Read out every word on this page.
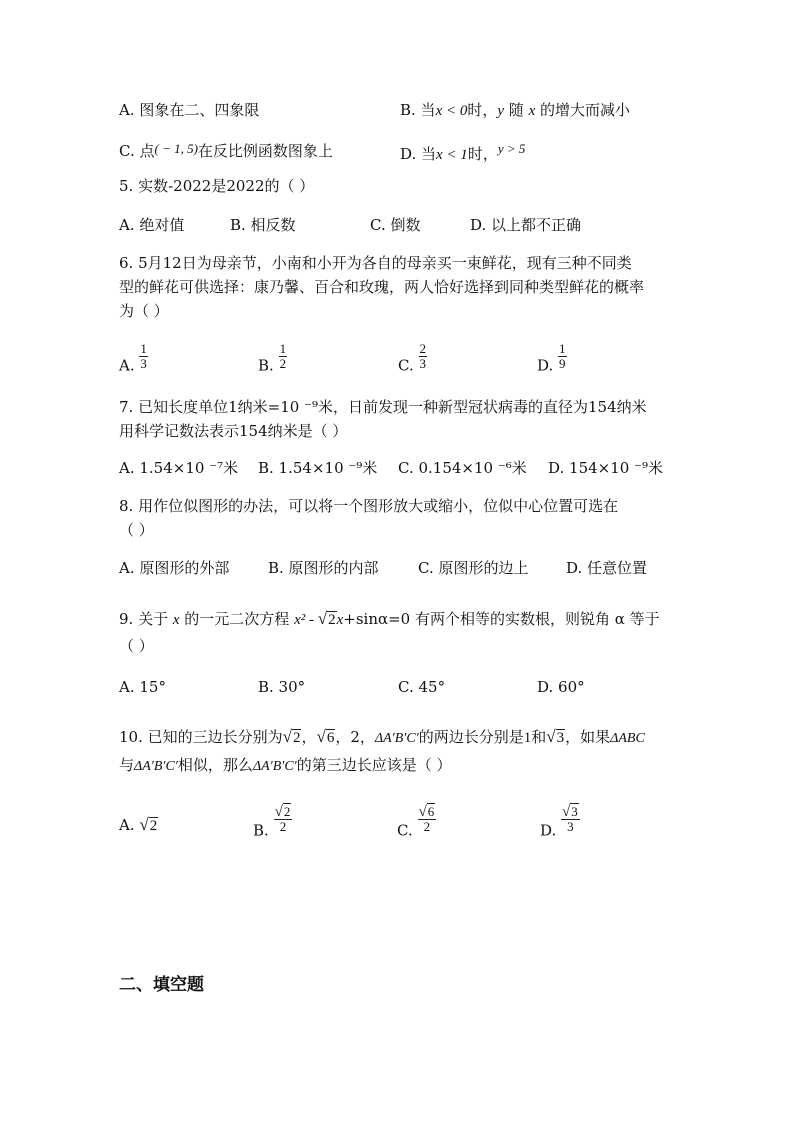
A. 图象在二、四象限	B. 当x < 0时，y 随 x 的增大而减小
C. 点( − 1, 5)在反比例函数图象上	D. 当x < 1时，y > 5
5. 实数-2022是2022的（ ）
A. 绝对值	B. 相反数	C. 倒数	D. 以上都不正确
6. 5月12日为母亲节，小南和小开为各自的母亲买一束鲜花，现有三种不同类
型的鲜花可供选择：康乃馨、百合和玫瑰，两人恰好选择到同种类型鲜花的概率
为（ ）
A. $\frac{1}{3}$	B. $\frac{1}{2}$	C. $\frac{2}{3}$	D. $\frac{1}{9}$
7. 已知长度单位1纳米=10 ⁻⁹米，日前发现一种新型冠状病毒的直径为154纳米
用科学记数法表示154纳米是（ ）
A. 1.54×10 ⁻⁷米 B. 1.54×10 ⁻⁹米 C. 0.154×10 ⁻⁶米 D. 154×10 ⁻⁹米
8. 用作位似图形的办法，可以将一个图形放大或缩小，位似中心位置可选在
（ ）
A. 原图形的外部	B. 原图形的内部	C. 原图形的边上	D. 任意位置
9. 关于 x 的一元二次方程 x² - √2x+sinα=0 有两个相等的实数根，则锐角 α 等于
（ ）
A. 15°	B. 30°	C. 45°	D. 60°
10. 已知的三边长分别为√2，√6，2，ΔA′B′C′的两边长分别是1和√3，如果ΔABC
与ΔA′B′C′相似，那么ΔA′B′C′的第三边长应该是（ ）
A. √2	B. $\frac{√2}{2}$	C. $\frac{√6}{2}$	D. $\frac{√3}{3}$
二、填空题
